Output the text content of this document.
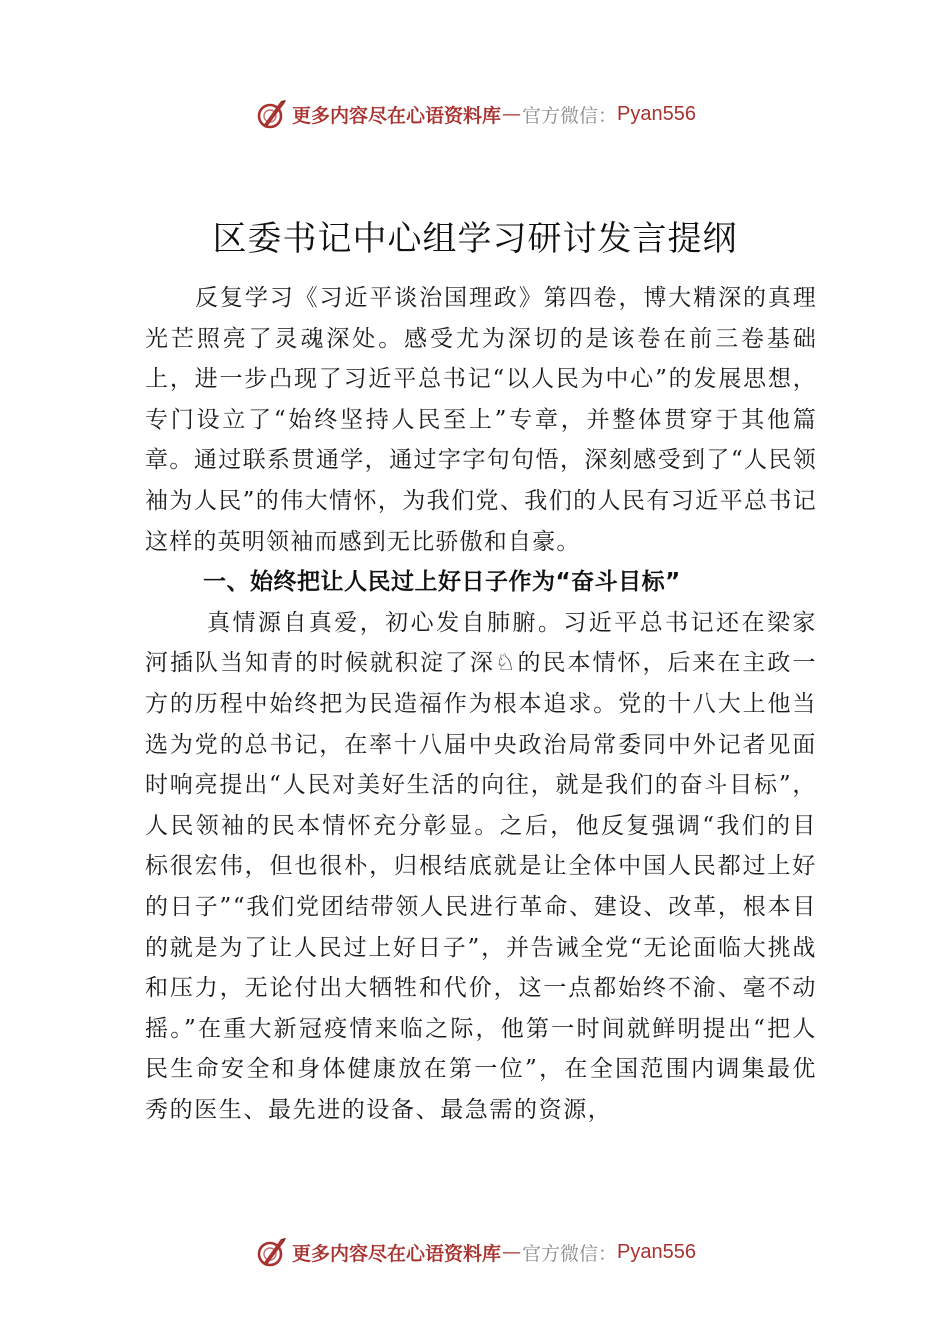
更多内容尽在心语资料库 — 官方微信： Pyan556
区委书记中心组学习研讨发言提纲

反复学习《习近平谈治国理政》第四卷，博大精深的真理光芒照亮了灵魂深处。感受尤为深切的是该卷在前三卷基础上，进一步凸现了习近平总书记“以人民为中心”的发展思想，专门设立了“始终坚持人民至上”专章，并整体贯穿于其他篇章。通过联系贯通学，通过字字句句悟，深刻感受到了“人民领袖为人民”的伟大情怀，为我们党、我们的人民有习近平总书记这样的英明领袖而感到无比骄傲和自豪。

一、始终把让人民过上好日子作为“奋斗目标”

真情源自真爱，初心发自肺腑。习近平总书记还在梁家河插队当知青的时候就积淀了深♘的民本情怀，后来在主政一方的历程中始终把为民造福作为根本追求。党的十八大上他当选为党的总书记，在率十八届中央政治局常委同中外记者见面时响亮提出“人民对美好生活的向往，就是我们的奋斗目标”，人民领袖的民本情怀充分彰显。之后，他反复强调“我们的目标很宏伟，但也很朴，归根结底就是让全体中国人民都过上好的日子”“我们党团结带领人民进行革命、建设、改革，根本目的就是为了让人民过上好日子”，并告诫全党“无论面临大挑战和压力，无论付出大牺牲和代价，这一点都始终不渝、毫不动摇。”在重大新冠疫情来临之际，他第一时间就鲜明提出“把人民生命安全和身体健康放在第一位”，在全国范围内调集最优秀的医生、最先进的设备、最急需的资源，

更多内容尽在心语资料库 — 官方微信： Pyan556
